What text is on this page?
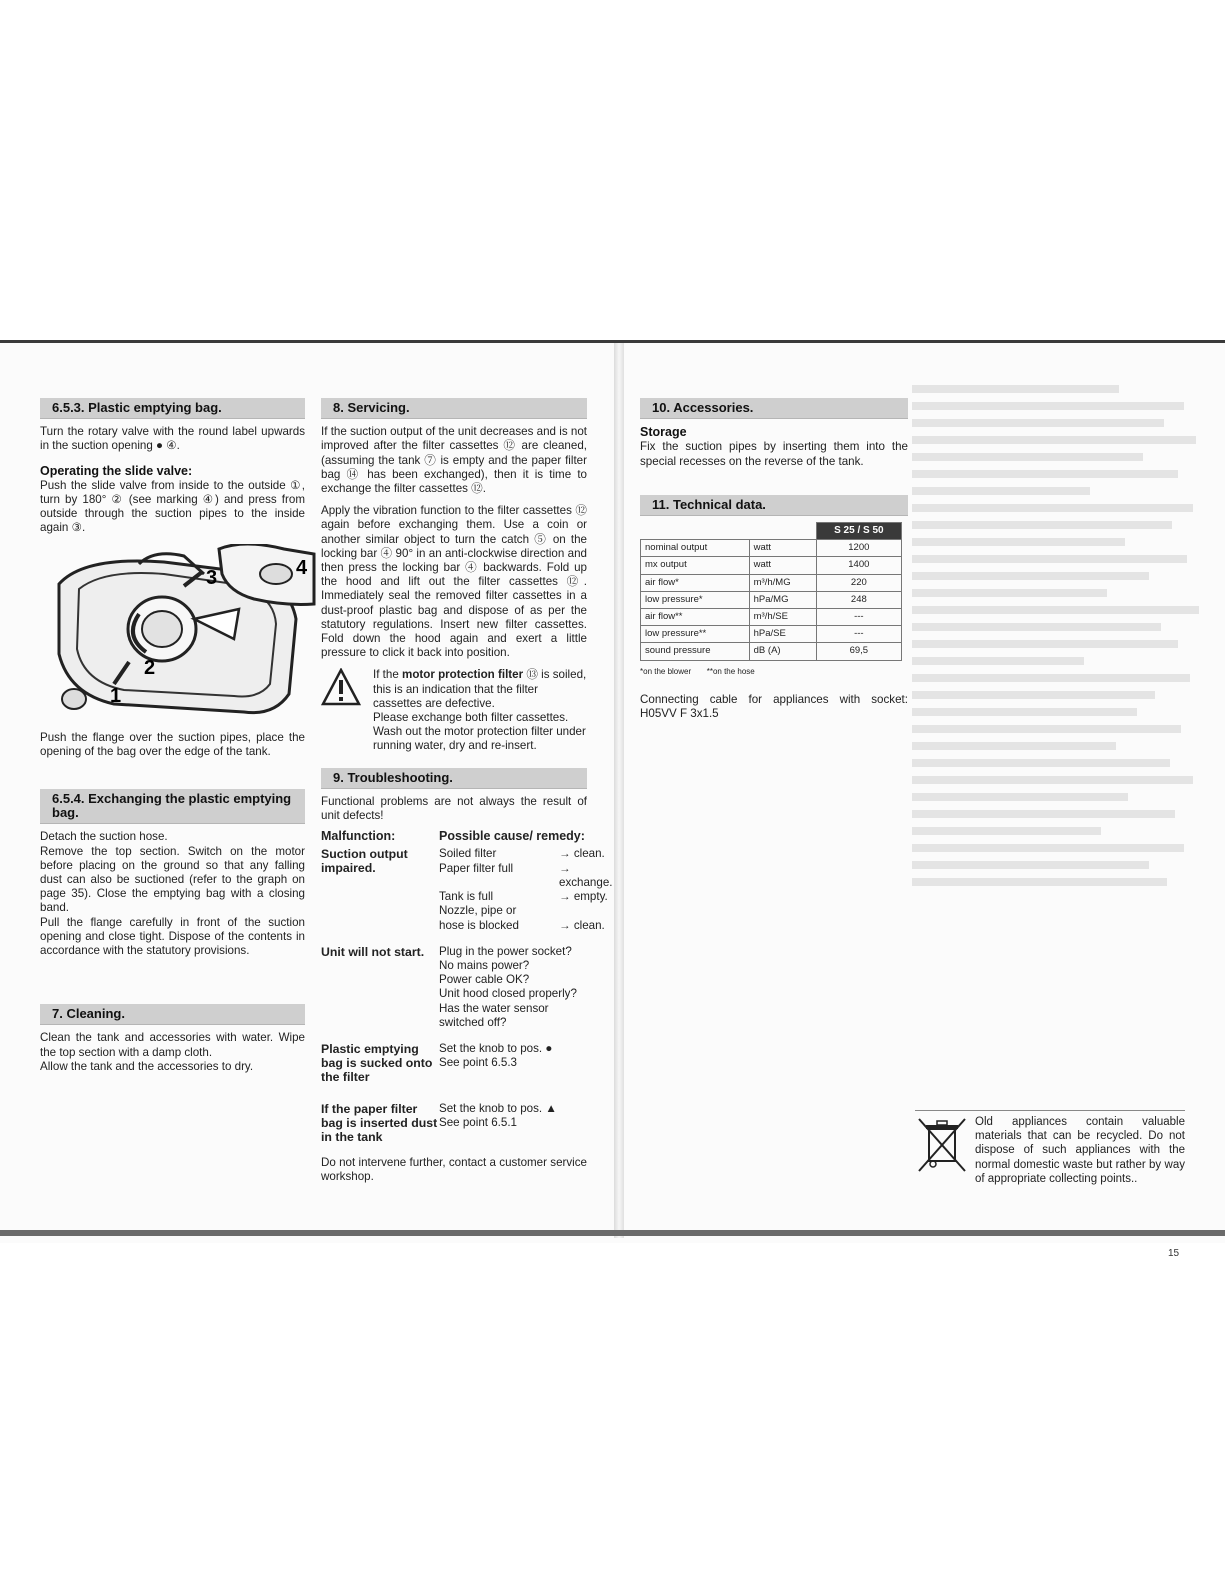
6.5.3. Plastic emptying bag.

Turn the rotary valve with the round label upwards in the suction opening ● ④.

Operating the slide valve:

Push the slide valve from inside to the outside ①, turn by 180° ② (see marking ④) and press from outside through the suction pipes to the inside again ③.

1
2
3	4

Push the flange over the suction pipes, place the opening of the bag over the edge of the tank.

6.5.4. Exchanging the plastic emptying bag.

Detach the suction hose.

Remove the top section. Switch on the motor before placing on the ground so that any falling dust can also be suctioned (refer to the graph on page 35). Close the emptying bag with a closing band.

Pull the flange carefully in front of the suction opening and close tight. Dispose of the contents in accordance with the statutory provisions.

7. Cleaning.

Clean the tank and accessories with water. Wipe the top section with a damp cloth.

Allow the tank and the accessories to dry.

8. Servicing.

If the suction output of the unit decreases and is not improved after the filter cassettes ⑫ are cleaned, (assuming the tank ⑦ is empty and the paper filter bag ⑭ has been exchanged), then it is time to exchange the filter cassettes ⑫.

Apply the vibration function to the filter cassettes ⑫ again before exchanging them. Use a coin or another similar object to turn the catch ⑤ on the locking bar ④ 90° in an anti-clockwise direction and then press the locking bar ④ backwards. Fold up the hood and lift out the filter cassettes ⑫. Immediately seal the removed filter cassettes in a dust-proof plastic bag and dispose of as per the statutory regulations. Insert new filter cassettes. Fold down the hood again and exert a little pressure to click it back into position.

If the motor protection filter ⑬ is soiled, this is an indication that the filter cassettes are defective.
Please exchange both filter cassettes. Wash out the motor protection filter under running water, dry and re-insert.
9. Troubleshooting.

Functional problems are not always the result of unit defects!

Malfunction:	Possible cause/ remedy:
Suction output impaired.
Soiled filter	→ clean.
Paper filter full	→ exchange.
Tank is full	→ empty.
Nozzle, pipe or
hose is blocked	→ clean.
Unit will not start.	Plug in the power socket?
No mains power?
Power cable OK?
Unit hood closed properly?
Has the water sensor switched off?
Plastic emptying bag is sucked onto the filter
Set the knob to pos. ●
See point 6.5.3
If the paper filter bag is inserted dust in the tank
Set the knob to pos. ▲
See point 6.5.1

Do not intervene further, contact a customer service workshop.

10. Accessories.
Storage

Fix the suction pipes by inserting them into the special recesses on the reverse of the tank.

11. Technical data.
		S 25 / S 50
nominal output	watt	1200
mx output	watt	1400
air flow*	m³/h/MG	220
low pressure*	hPa/MG	248
air flow**	m³/h/SE	---
low pressure**	hPa/SE	---
sound pressure	dB (A)	69,5
*on the blower **on the hose

Connecting cable for appliances with socket: H05VV F 3x1.5

Old appliances contain valuable materials that can be recycled. Do not dispose of such appliances with the normal domestic waste but rather by way of appropriate collecting points..

15
